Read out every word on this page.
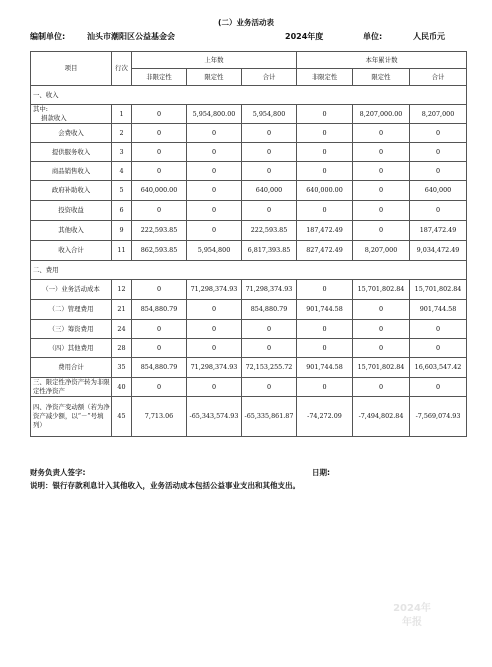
(二）业务活动表
编制单位:	汕头市潮阳区公益基金会	2024年度	单位:	人民币元
项目	行次	上年数			本年累计数		
		非限定性	限定性	合计	非限定性	限定性	合计
一、收入							
其中:
捐款收入	1	0	5,954,800.00	5,954,800	0	8,207,000.00	8,207,000
会费收入	2	0	0	0	0	0	0
提供服务收入	3	0	0	0	0	0	0
商品销售收入	4	0	0	0	0	0	0
政府补助收入	5	640,000.00	0	640,000	640,000.00	0	640,000
投资收益	6	0	0	0	0	0	0
其他收入	9	222,593.85	0	222,593.85	187,472.49	0	187,472.49
收入合计	11	862,593.85	5,954,800	6,817,393.85	827,472.49	8,207,000	9,034,472.49
二、费用							
（一）业务活动成本	12	0	71,298,374.93	71,298,374.93	0	15,701,802.84	15,701,802.84
（二）管理费用	21	854,880.79	0	854,880.79	901,744.58	0	901,744.58
（三）筹资费用	24	0	0	0	0	0	0
（四）其他费用	28	0	0	0	0	0	0
费用合计	35	854,880.79	71,298,374.93	72,153,255.72	901,744.58	15,701,802.84	16,603,547.42
三、限定性净资产转为非限定性净资产	40	0	0	0	0	0	0
四、净资产变动额（若为净资产减少额，以“－”号填列）	45	7,713.06	-65,343,574.93	-65,335,861.87	-74,272.09	-7,494,802.84	-7,569,074.93
财务负责人签字:	日期:
说明：银行存款利息计入其他收入，业务活动成本包括公益事业支出和其他支出。
2024年
年报
